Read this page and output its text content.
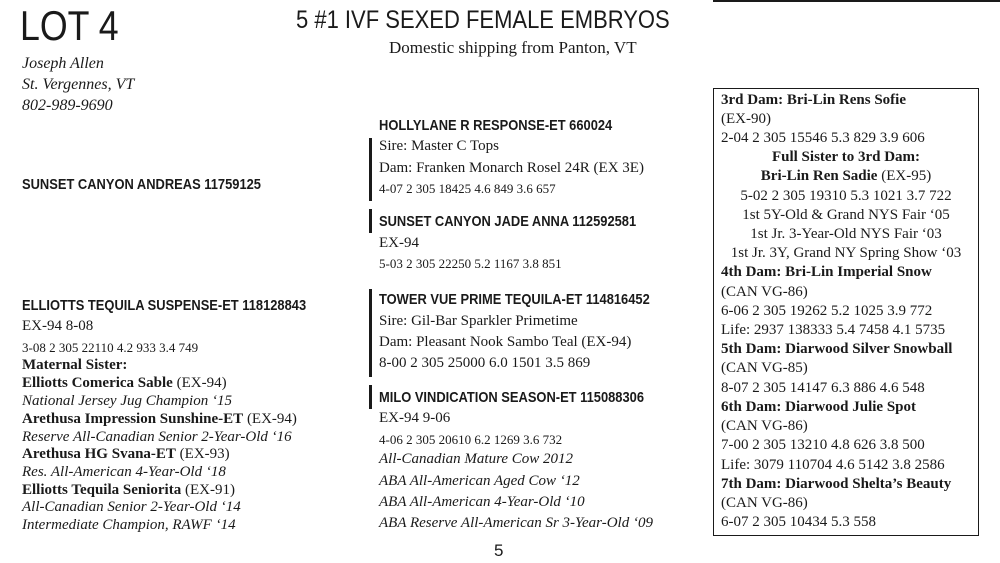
LOT 4	5 #1 IVF SEXED FEMALE EMBRYOS
Domestic shipping from Panton, VT
Joseph Allen
St. Vergennes, VT
802-989-9690
SUNSET CANYON ANDREAS 11759125
HOLLYLANE R RESPONSE-ET 660024
Sire: Master C Tops
Dam: Franken Monarch Rosel 24R (EX 3E)
4-07 2 305 18425 4.6 849 3.6 657
SUNSET CANYON JADE ANNA 112592581
EX-94
5-03 2 305 22250 5.2 1167 3.8 851
ELLIOTTS TEQUILA SUSPENSE-ET 118128843
EX-94 8-08
3-08 2 305 22110 4.2 933 3.4 749
Maternal Sister:
Elliotts Comerica Sable (EX-94)
National Jersey Jug Champion ‘15
Arethusa Impression Sunshine-ET (EX-94)
Reserve All-Canadian Senior 2-Year-Old ‘16
Arethusa HG Svana-ET (EX-93)
Res. All-American 4-Year-Old ‘18
Elliotts Tequila Seniorita (EX-91)
All-Canadian Senior 2-Year-Old ‘14
Intermediate Champion, RAWF ‘14
TOWER VUE PRIME TEQUILA-ET 114816452
Sire: Gil-Bar Sparkler Primetime
Dam: Pleasant Nook Sambo Teal (EX-94)
8-00 2 305 25000 6.0 1501 3.5 869
MILO VINDICATION SEASON-ET 115088306
EX-94 9-06
4-06 2 305 20610 6.2 1269 3.6 732
All-Canadian Mature Cow 2012
ABA All-American Aged Cow ‘12
ABA All-American 4-Year-Old ‘10
ABA Reserve All-American Sr 3-Year-Old ‘09
3rd Dam: Bri-Lin Rens Sofie
(EX-90)
2-04 2 305 15546 5.3 829 3.9 606
Full Sister to 3rd Dam:
Bri-Lin Ren Sadie (EX-95)
5-02 2 305 19310 5.3 1021 3.7 722
1st 5Y-Old & Grand NYS Fair ‘05
1st Jr. 3-Year-Old NYS Fair ‘03
1st Jr. 3Y, Grand NY Spring Show ‘03
4th Dam: Bri-Lin Imperial Snow
(CAN VG-86)
6-06 2 305 19262 5.2 1025 3.9 772
Life: 2937 138333 5.4 7458 4.1 5735
5th Dam: Diarwood Silver Snowball
(CAN VG-85)
8-07 2 305 14147 6.3 886 4.6 548
6th Dam: Diarwood Julie Spot
(CAN VG-86)
7-00 2 305 13210 4.8 626 3.8 500
Life: 3079 110704 4.6 5142 3.8 2586
7th Dam: Diarwood Shelta’s Beauty
(CAN VG-86)
6-07 2 305 10434 5.3 558
5
